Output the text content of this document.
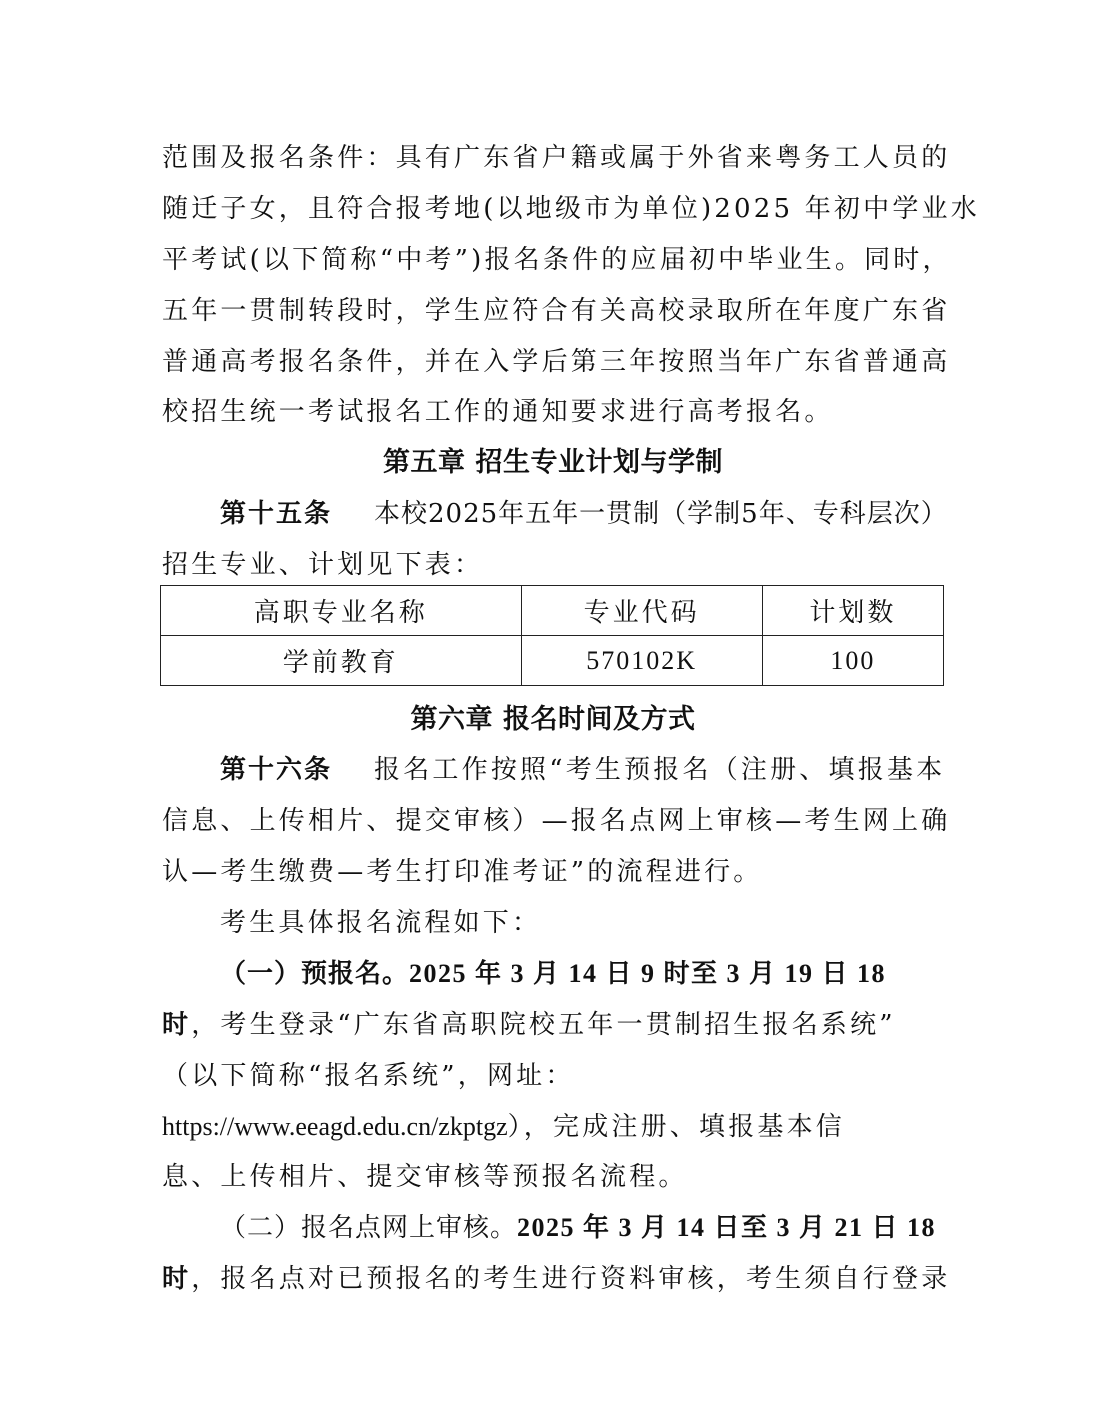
范围及报名条件：具有广东省户籍或属于外省来粤务工人员的
随迁子女，且符合报考地(以地级市为单位)2025 年初中学业水
平考试(以下简称“中考”)报名条件的应届初中毕业生。同时，
五年一贯制转段时，学生应符合有关高校录取所在年度广东省
普通高考报名条件，并在入学后第三年按照当年广东省普通高
校招生统一考试报名工作的通知要求进行高考报名。
第五章 招生专业计划与学制
第十五条 本校2025年五年一贯制（学制5年、专科层次）
招生专业、计划见下表：
高职专业名称	专业代码	计划数
学前教育	570102K	100
第六章 报名时间及方式
第十六条 报名工作按照“考生预报名（注册、填报基本
信息、上传相片、提交审核）—报名点网上审核—考生网上确
认—考生缴费—考生打印准考证”的流程进行。
考生具体报名流程如下：
（一）预报名。2025 年 3 月 14 日 9 时至 3 月 19 日 18
时，考生登录“广东省高职院校五年一贯制招生报名系统”
（以下简称“报名系统”，网址：
https://www.eeagd.edu.cn/zkptgz），完成注册、填报基本信
息、上传相片、提交审核等预报名流程。
（二）报名点网上审核。2025 年 3 月 14 日至 3 月 21 日 18
时，报名点对已预报名的考生进行资料审核，考生须自行登录
